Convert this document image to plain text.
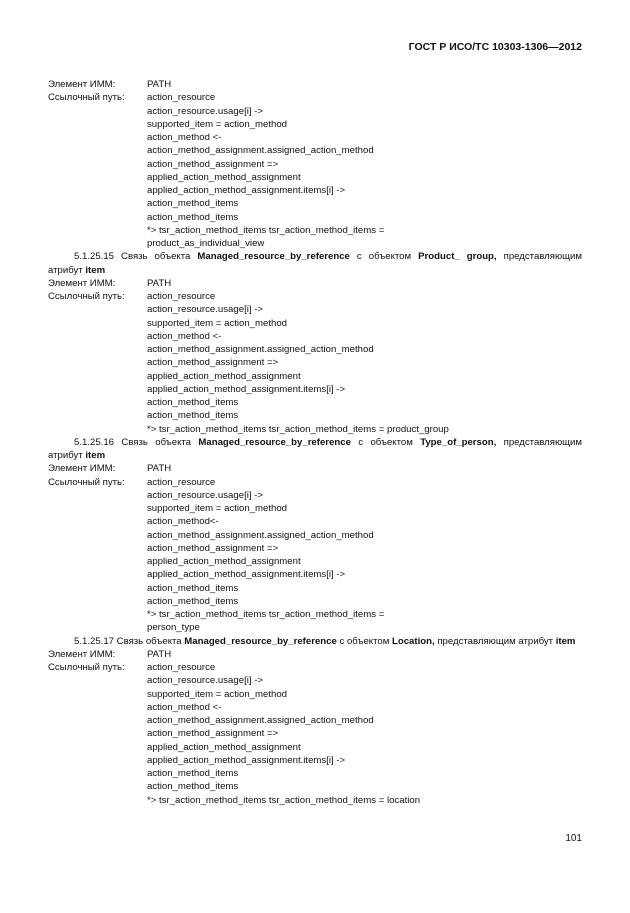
ГОСТ Р ИСО/ТС 10303-1306—2012
Элемент ИММ:	PATH
Ссылочный путь:	action_resource
action_resource.usage[i] ->
supported_item = action_method
action_method <-
action_method_assignment.assigned_action_method
action_method_assignment =>
applied_action_method_assignment
applied_action_method_assignment.items[i] ->
action_method_items
action_method_items
*> tsr_action_method_items tsr_action_method_items =
product_as_individual_view
5.1.25.15 Связь объекта Managed_resource_by_reference с объектом Product_ group, представляющим атрибут item
Элемент ИММ:	PATH
Ссылочный путь:	action_resource
action_resource.usage[i] ->
supported_item = action_method
action_method <-
action_method_assignment.assigned_action_method
action_method_assignment =>
applied_action_method_assignment
applied_action_method_assignment.items[i] ->
action_method_items
action_method_items
*> tsr_action_method_items tsr_action_method_items = product_group
5.1.25.16 Связь объекта Managed_resource_by_reference с объектом Type_of_person, представляющим атрибут item
Элемент ИММ:	PATH
Ссылочный путь:	action_resource
action_resource.usage[i] ->
supported_item = action_method
action_method<-
action_method_assignment.assigned_action_method
action_method_assignment =>
applied_action_method_assignment
applied_action_method_assignment.items[i] ->
action_method_items
action_method_items
*> tsr_action_method_items tsr_action_method_items =
person_type
5.1.25.17 Связь объекта Managed_resource_by_reference с объектом Location, представляющим атрибут item
Элемент ИММ:	PATH
Ссылочный путь:	action_resource
action_resource.usage[i] ->
supported_item = action_method
action_method <-
action_method_assignment.assigned_action_method
action_method_assignment =>
applied_action_method_assignment
applied_action_method_assignment.items[i] ->
action_method_items
action_method_items
*> tsr_action_method_items tsr_action_method_items = location
101
